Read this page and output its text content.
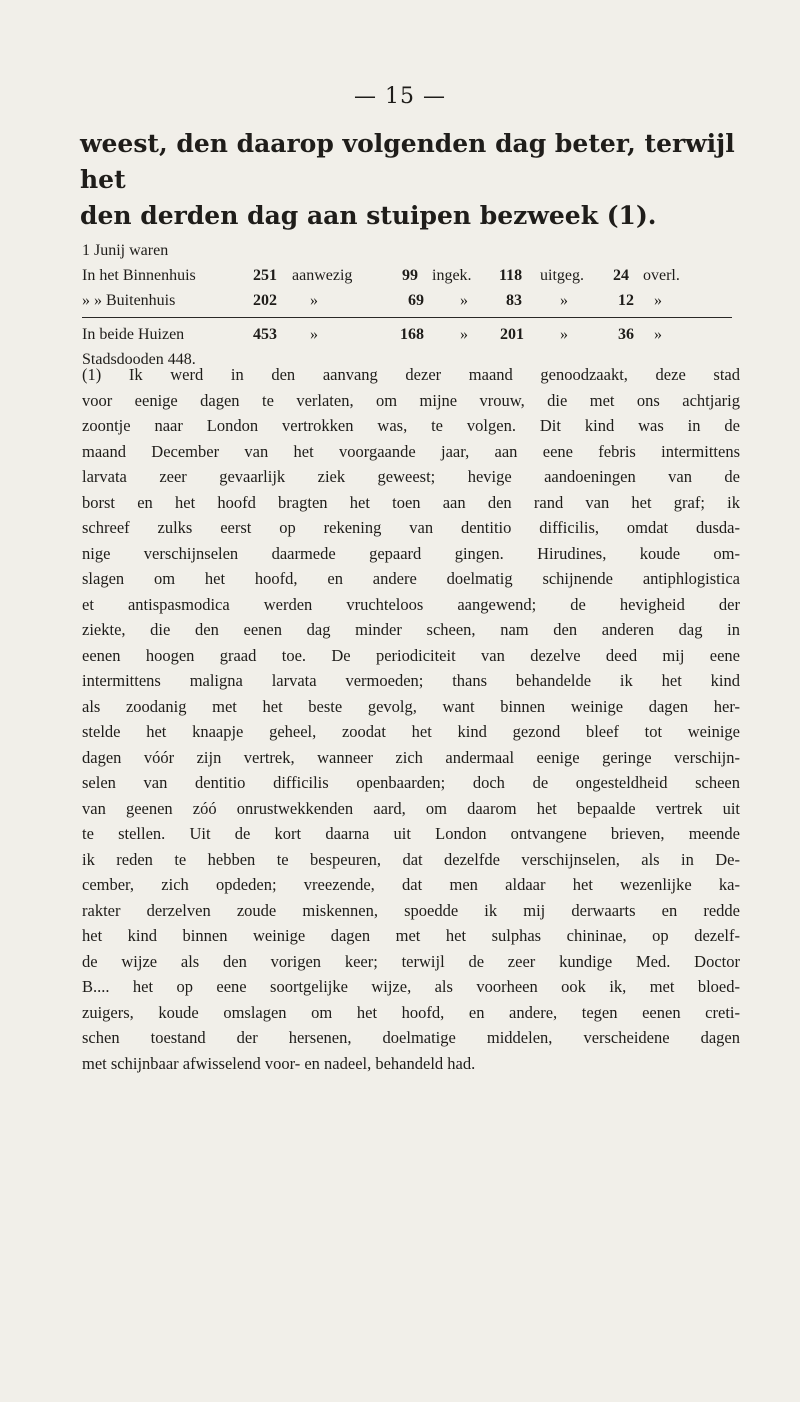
— 15 —

weest, den daarop volgenden dag beter, terwijl het

den derden dag aan stuipen bezweek (1).

1 Junij waren
In het Binnenhuis	251 aanwezig	99 ingek. 118 uitgeg. 24 overl.
» » Buitenhuis	202 »	69 » 83 »	12 »
In beide Huizen	453 »	168 » 201 »	36 »
Stadsdooden 448.
(1) Ik werd in den aanvang dezer maand genoodzaakt, deze stad
voor eenige dagen te verlaten, om mijne vrouw, die met ons achtjarig
zoontje naar London vertrokken was, te volgen. Dit kind was in de
maand December van het voorgaande jaar, aan eene febris intermittens
larvata zeer gevaarlijk ziek geweest; hevige aandoeningen van de
borst en het hoofd bragten het toen aan den rand van het graf; ik
schreef zulks eerst op rekening van dentitio difficilis, omdat dusda-
nige verschijnselen daarmede gepaard gingen. Hirudines, koude om-
slagen om het hoofd, en andere doelmatig schijnende antiphlogistica
et antispasmodica werden vruchteloos aangewend; de hevigheid der
ziekte, die den eenen dag minder scheen, nam den anderen dag in
eenen hoogen graad toe. De periodiciteit van dezelve deed mij eene
intermittens maligna larvata vermoeden; thans behandelde ik het kind
als zoodanig met het beste gevolg, want binnen weinige dagen her-
stelde het knaapje geheel, zoodat het kind gezond bleef tot weinige
dagen vóór zijn vertrek, wanneer zich andermaal eenige geringe verschijn-
selen van dentitio difficilis openbaarden; doch de ongesteldheid scheen
van geenen zóó onrustwekkenden aard, om daarom het bepaalde vertrek uit
te stellen. Uit de kort daarna uit London ontvangene brieven, meende
ik reden te hebben te bespeuren, dat dezelfde verschijnselen, als in De-
cember, zich opdeden; vreezende, dat men aldaar het wezenlijke ka-
rakter derzelven zoude miskennen, spoedde ik mij derwaarts en redde
het kind binnen weinige dagen met het sulphas chininae, op dezelf-
de wijze als den vorigen keer; terwijl de zeer kundige Med. Doctor
B.... het op eene soortgelijke wijze, als voorheen ook ik, met bloed-
zuigers, koude omslagen om het hoofd, en andere, tegen eenen creti-
schen toestand der hersenen, doelmatige middelen, verscheidene dagen
met schijnbaar afwisselend voor- en nadeel, behandeld had.
